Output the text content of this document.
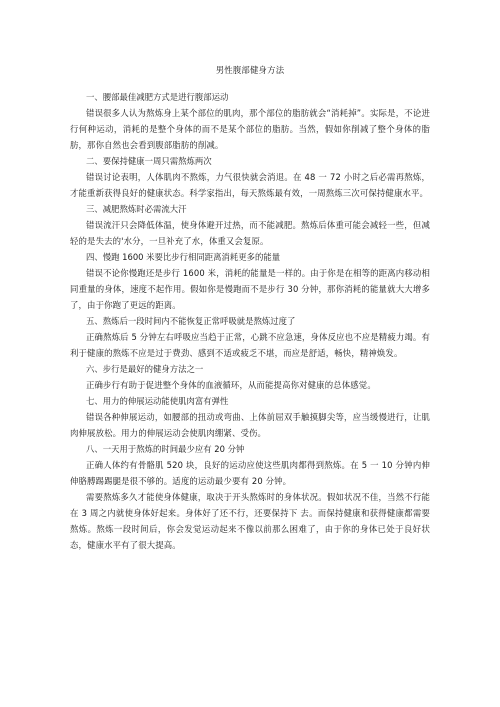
男性腹部健身方法

一、腰部最佳减肥方式是进行腹部运动

错误很多人认为熬炼身上某个部位的肌肉，那个部位的脂肪就会“消耗掉”。实际是，不论进行何种运动，消耗的是整个身体的而不是某个部位的脂肪。当然，假如你削减了整个身体的脂肪，那你自然也会看到腹部脂肪的削减。

二、要保持健康一周只需熬炼两次

错误讨论表明，人体肌肉不熬炼，力气很快就会消退。在 48 一 72 小时之后必需再熬炼，才能重新获得良好的健康状态。科学家指出，每天熬炼最有效，一周熬炼三次可保持健康水平。

三、减肥熬炼时必需流大汗

错误流汗只会降低体温，使身体避开过热，而不能减肥。熬炼后体重可能会减轻一些，但减轻的是失去的'水分，一旦补充了水，体重又会复原。

四、慢跑 1600 米要比步行相同距离消耗更多的能量

错误不论你慢跑还是步行 1600 米，消耗的能量是一样的。由于你是在相等的距离内移动相同重量的身体，速度不起作用。假如你是慢跑而不是步行 30 分钟，那你消耗的能量就大大增多了，由于你跑了更远的距离。

五、熬炼后一段时间内不能恢复正常呼吸就是熬炼过度了

正确熬炼后 5 分钟左右呼吸应当趋于正常，心跳不应急速，身体反应也不应是精疲力竭。有利于健康的熬炼不应是过于费劲、感到不适或疲乏不堪，而应是舒适，畅快，精神焕发。

六、步行是最好的健身方法之一

正确步行有助于促进整个身体的血液循环，从而能提高你对健康的总体感觉。

七、用力的伸展运动能使肌肉富有弹性

错误各种伸展运动，如腰部的扭动或弯曲、上体前屈双手触摸脚尖等，应当缓慢进行，让肌肉伸展放松。用力的伸展运动会使肌肉绷紧、受伤。

八、一天用于熬炼的时间最少应有 20 分钟

正确人体约有骨骼肌 520 块，良好的运动应使这些肌肉都得到熬炼。在 5 一 10 分钟内伸伸胳膊踢踢腿是很不够的。适度的运动最少要有 20 分钟。

需要熬炼多久才能使身体健康，取决于开头熬炼时的身体状况。假如状况不佳，当然不行能在 3 周之内就使身体好起来。身体好了还不行，还要保持下 去。而保持健康和获得健康都需要熬炼。熬炼一段时间后，你会发觉运动起来不像以前那么困难了，由于你的身体已处于良好状态，健康水平有了很大提高。
